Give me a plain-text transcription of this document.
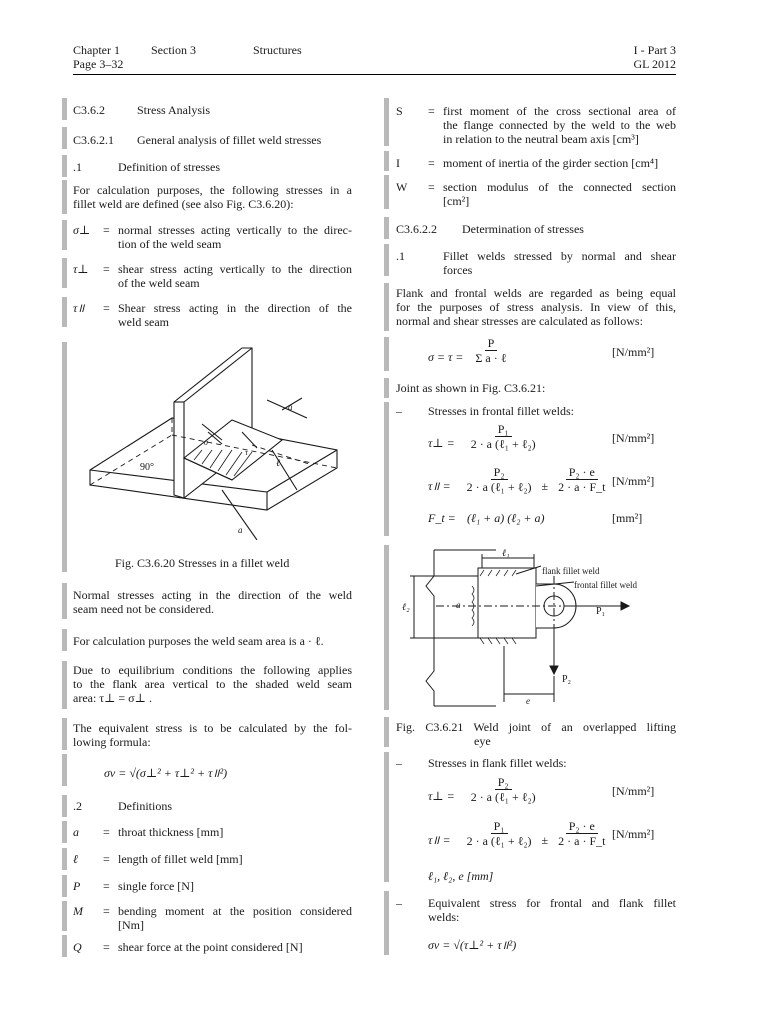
Chapter 1	Section 3	Structures	I - Part 3
Page 3–32	GL 2012
C3.6.2	Stress Analysis
C3.6.2.1 General analysis of fillet weld stresses
.1	Definition of stresses
For calculation purposes, the following stresses in a
fillet weld are defined (see also Fig. C3.6.20):
σ⊥ = normal stresses acting vertically to the direc-
tion of the weld seam
τ⊥ = shear stress acting vertically to the direction
of the weld seam
τ॥ = Shear stress acting in the direction of the
weld seam
90°
a
a
ℓ
σ
τ
Fig. C3.6.20 Stresses in a fillet weld
Normal stresses acting in the direction of the weld
seam need not be considered.
For calculation purposes the weld seam area is a · ℓ.
Due to equilibrium conditions the following applies
to the flank area vertical to the shaded weld seam
area: τ⊥ = σ⊥ .
The equivalent stress is to be calculated by the fol-
lowing formula:
σv = √(σ⊥² + τ⊥² + τ॥²)
.2	Definitions
a = throat thickness [mm]
ℓ = length of fillet weld [mm]
P = single force [N]
M = bending moment at the position considered
[Nm]
Q = shear force at the point considered [N]
S = first moment of the cross sectional area of
the flange connected by the weld to the web
in relation to the neutral beam axis [cm³]
I = moment of inertia of the girder section [cm⁴]
W = section modulus of the connected section
[cm²]
C3.6.2.2 Determination of stresses
.1	Fillet welds stressed by normal and shear
forces
Flank and frontal welds are regarded as being equal
for the purposes of stress analysis. In view of this,
normal and shear stresses are calculated as follows:
$\sigma = \tau = \frac{P}{\text{Σ a · ℓ}}$	[N/mm²]
Joint as shown in Fig. C3.6.21:
– Stresses in frontal fillet welds:
τ⊥ = $\frac{\text{P₁}}{\text{2 · a (ℓ₁ + ℓ₂)}}$	[N/mm²]
τ॥ = $\frac{\text{P₂}}{\text{2 · a (ℓ₁ + ℓ₂)}} \pm \frac{\text{P₂ · e}}{2 \cdot a \cdot F\_t} [N/mm^2]$
F_t = (ℓ₁ + a) (ℓ₂ + a)	[mm²]
flank fillet weld
frontal fillet weld
P₁
P₂
ℓ₁
ℓ₂	a
e
Fig. C3.6.21 Weld joint of an overlapped lifting
eye
– Stresses in flank fillet welds:
τ⊥ = $\frac{\text{P₂}}{\text{2 · a (ℓ₁ + ℓ₂)}}$	[N/mm²]
τ॥ = $\frac{\text{P₁}}{\text{2 · a (ℓ₁ + ℓ₂)}} \pm \frac{\text{P₂ · e}}{2 \cdot a \cdot F\_t} [N/mm^2]$
ℓ₁, ℓ₂, e [mm]
– Equivalent stress for frontal and flank fillet
welds:
σv = √(τ⊥² + τ॥²)
